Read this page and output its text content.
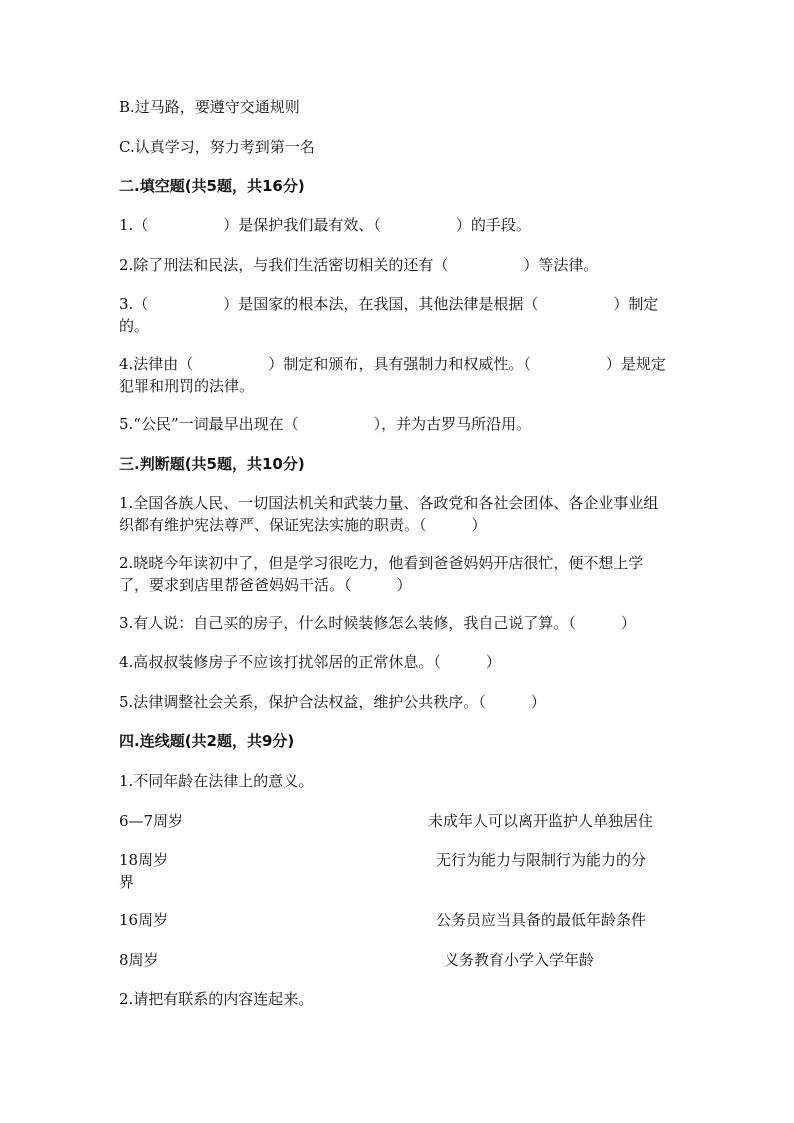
B.过马路，要遵守交通规则
C.认真学习，努力考到第一名
二.填空题(共5题，共16分)
1.（　　　　　）是保护我们最有效、（　　　　　）的手段。
2.除了刑法和民法，与我们生活密切相关的还有（　　　　　）等法律。
3.（　　　　　）是国家的根本法，在我国，其他法律是根据（　　　　　）制定的。
4.法律由（　　　　　）制定和颁布，具有强制力和权威性。（　　　　　）是规定犯罪和刑罚的法律。
5.“公民”一词最早出现在（　　　　　），并为古罗马所沿用。
三.判断题(共5题，共10分)
1.全国各族人民、一切国法机关和武装力量、各政党和各社会团体、各企业事业组织都有维护宪法尊严、保证宪法实施的职责。（　　　）
2.晓晓今年读初中了，但是学习很吃力，他看到爸爸妈妈开店很忙，便不想上学了，要求到店里帮爸爸妈妈干活。（　　　）
3.有人说：自己买的房子，什么时候装修怎么装修，我自己说了算。（　　　）
4.高叔叔装修房子不应该打扰邻居的正常休息。（　　　）
5.法律调整社会关系，保护合法权益，维护公共秩序。（　　　）
四.连线题(共2题，共9分)
1.不同年龄在法律上的意义。
6—7周岁	未成年人可以离开监护人单独居住
18周岁	无行为能力与限制行为能力的分
界
16周岁	公务员应当具备的最低年龄条件
8周岁	义务教育小学入学年龄
2.请把有联系的内容连起来。
